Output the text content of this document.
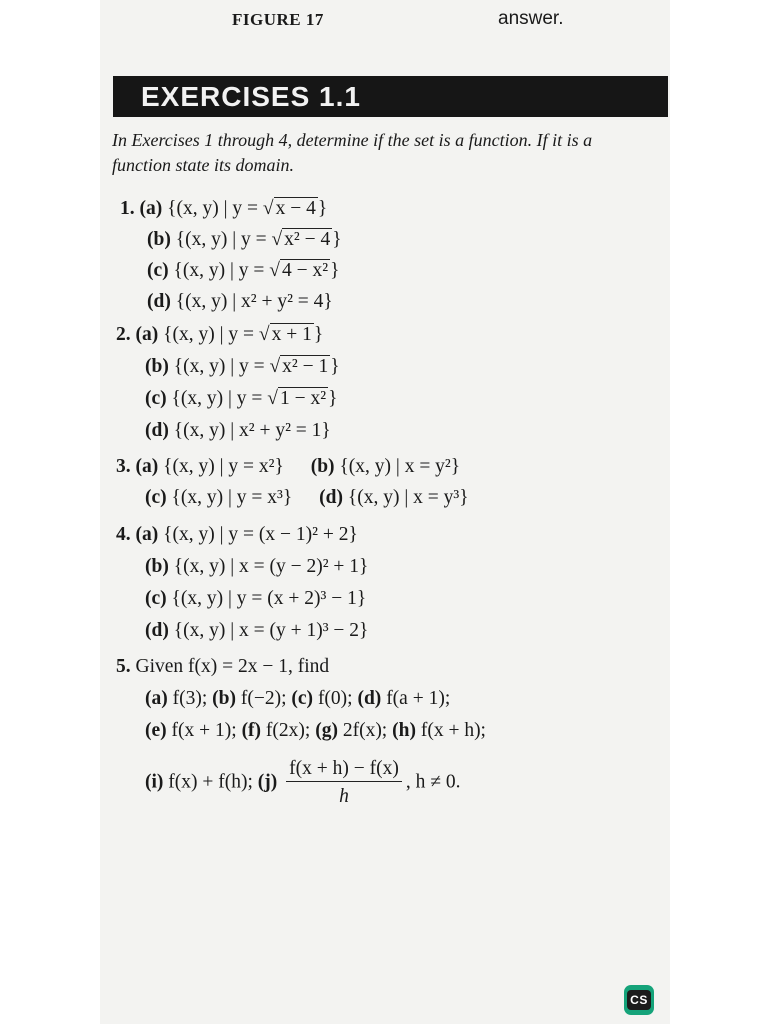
FIGURE 17	answer.
EXERCISES 1.1
In Exercises 1 through 4, determine if the set is a function. If it is a function state its domain.
1. (a) {(x, y) | y = √ x − 4 }
(b) {(x, y) | y = √ x² − 4 }
(c) {(x, y) | y = √ 4 − x² }
(d) {(x, y) | x² + y² = 4}
2. (a) {(x, y) | y = √ x + 1 }
(b) {(x, y) | y = √ x² − 1 }
(c) {(x, y) | y = √ 1 − x² }
(d) {(x, y) | x² + y² = 1}
3. (a) {(x, y) | y = x²} (b) {(x, y) | x = y²}
(c) {(x, y) | y = x³} (d) {(x, y) | x = y³}
4. (a) {(x, y) | y = (x − 1)² + 2}
(b) {(x, y) | x = (y − 2)² + 1}
(c) {(x, y) | y = (x + 2)³ − 1}
(d) {(x, y) | x = (y + 1)³ − 2}
5. Given f(x) = 2x − 1, find
(a) f(3); (b) f(−2); (c) f(0); (d) f(a + 1);
(e) f(x + 1); (f) f(2x); (g) 2f(x); (h) f(x + h);
(i) f(x) + f(h); $(j) \frac{f(x + h) - f(x)}{h}$ , h ≠ 0.
CS
